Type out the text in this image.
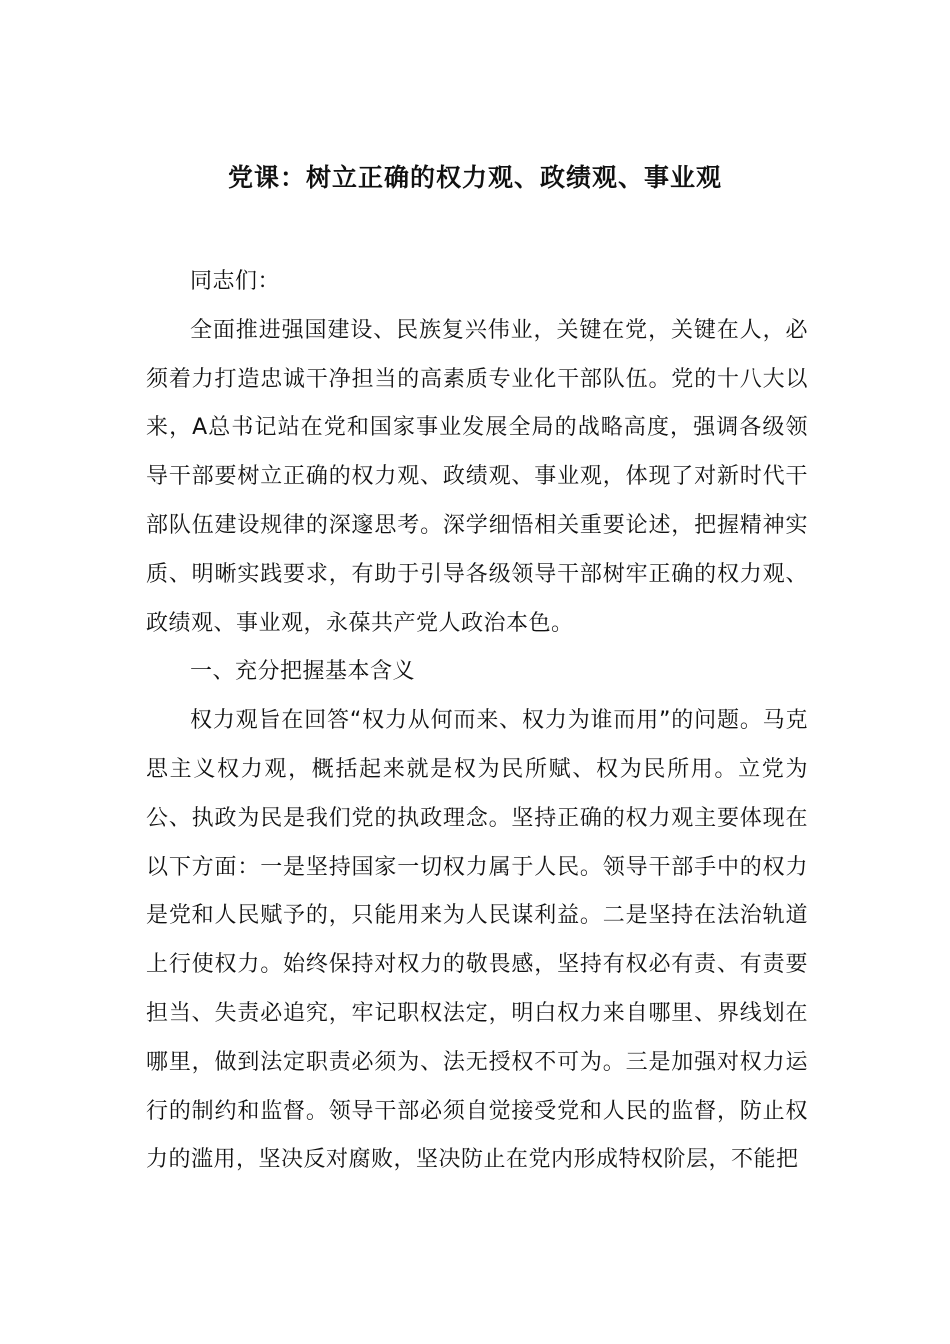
党课：树立正确的权力观、政绩观、事业观

同志们：

全面推进强国建设、民族复兴伟业，关键在党，关键在人，必须着力打造忠诚干净担当的高素质专业化干部队伍。党的十八大以来，A总书记站在党和国家事业发展全局的战略高度，强调各级领导干部要树立正确的权力观、政绩观、事业观，体现了对新时代干部队伍建设规律的深邃思考。深学细悟相关重要论述，把握精神实质、明晰实践要求，有助于引导各级领导干部树牢正确的权力观、政绩观、事业观，永葆共产党人政治本色。

一、充分把握基本含义

权力观旨在回答“权力从何而来、权力为谁而用”的问题。马克思主义权力观，概括起来就是权为民所赋、权为民所用。立党为公、执政为民是我们党的执政理念。坚持正确的权力观主要体现在以下方面：一是坚持国家一切权力属于人民。领导干部手中的权力是党和人民赋予的，只能用来为人民谋利益。二是坚持在法治轨道上行使权力。始终保持对权力的敬畏感，坚持有权必有责、有责要担当、失责必追究，牢记职权法定，明白权力来自哪里、界线划在哪里，做到法定职责必须为、法无授权不可为。三是加强对权力运行的制约和监督。领导干部必须自觉接受党和人民的监督，防止权力的滥用，坚决反对腐败，坚决防止在党内形成特权阶层，不能把
